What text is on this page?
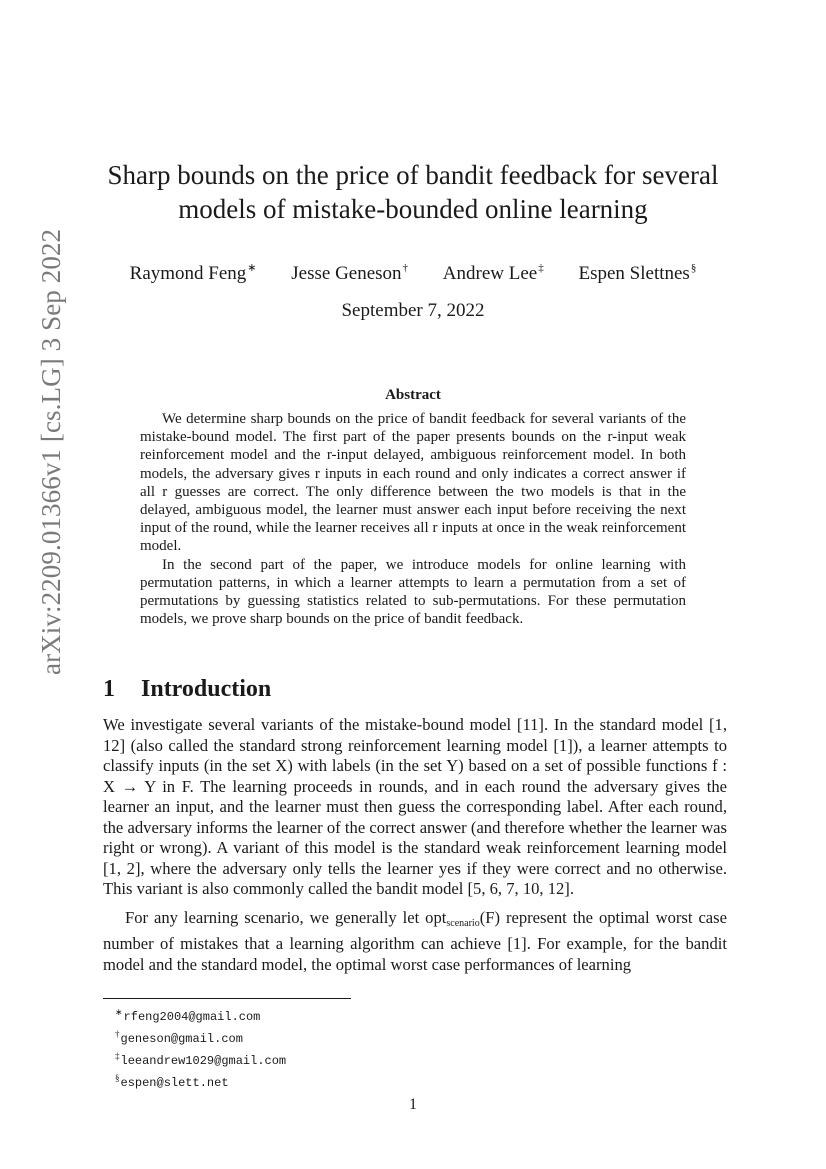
arXiv:2209.01366v1 [cs.LG] 3 Sep 2022
Sharp bounds on the price of bandit feedback for several models of mistake-bounded online learning
Raymond Feng∗ Jesse Geneson† Andrew Lee‡ Espen Slettnes§
September 7, 2022
Abstract

We determine sharp bounds on the price of bandit feedback for several variants of the mistake-bound model. The first part of the paper presents bounds on the r-input weak reinforcement model and the r-input delayed, ambiguous reinforcement model. In both models, the adversary gives r inputs in each round and only indicates a correct answer if all r guesses are correct. The only difference between the two models is that in the delayed, ambiguous model, the learner must answer each input before receiving the next input of the round, while the learner receives all r inputs at once in the weak reinforcement model.

In the second part of the paper, we introduce models for online learning with permutation patterns, in which a learner attempts to learn a permutation from a set of permutations by guessing statistics related to sub-permutations. For these permutation models, we prove sharp bounds on the price of bandit feedback.

1 Introduction

We investigate several variants of the mistake-bound model [11]. In the standard model [1, 12] (also called the standard strong reinforcement learning model [1]), a learner attempts to classify inputs (in the set X) with labels (in the set Y) based on a set of possible functions f : X → Y in F. The learning proceeds in rounds, and in each round the adversary gives the learner an input, and the learner must then guess the corresponding label. After each round, the adversary informs the learner of the correct answer (and therefore whether the learner was right or wrong). A variant of this model is the standard weak reinforcement learning model [1, 2], where the adversary only tells the learner yes if they were correct and no otherwise. This variant is also commonly called the bandit model [5, 6, 7, 10, 12].

For any learning scenario, we generally let opt$_{scenario}$(F) represent the optimal worst case number of mistakes that a learning algorithm can achieve [1]. For example, for the bandit model and the standard model, the optimal worst case performances of learning

∗rfeng2004@gmail.com
†geneson@gmail.com
‡leeandrew1029@gmail.com
§espen@slett.net
1
